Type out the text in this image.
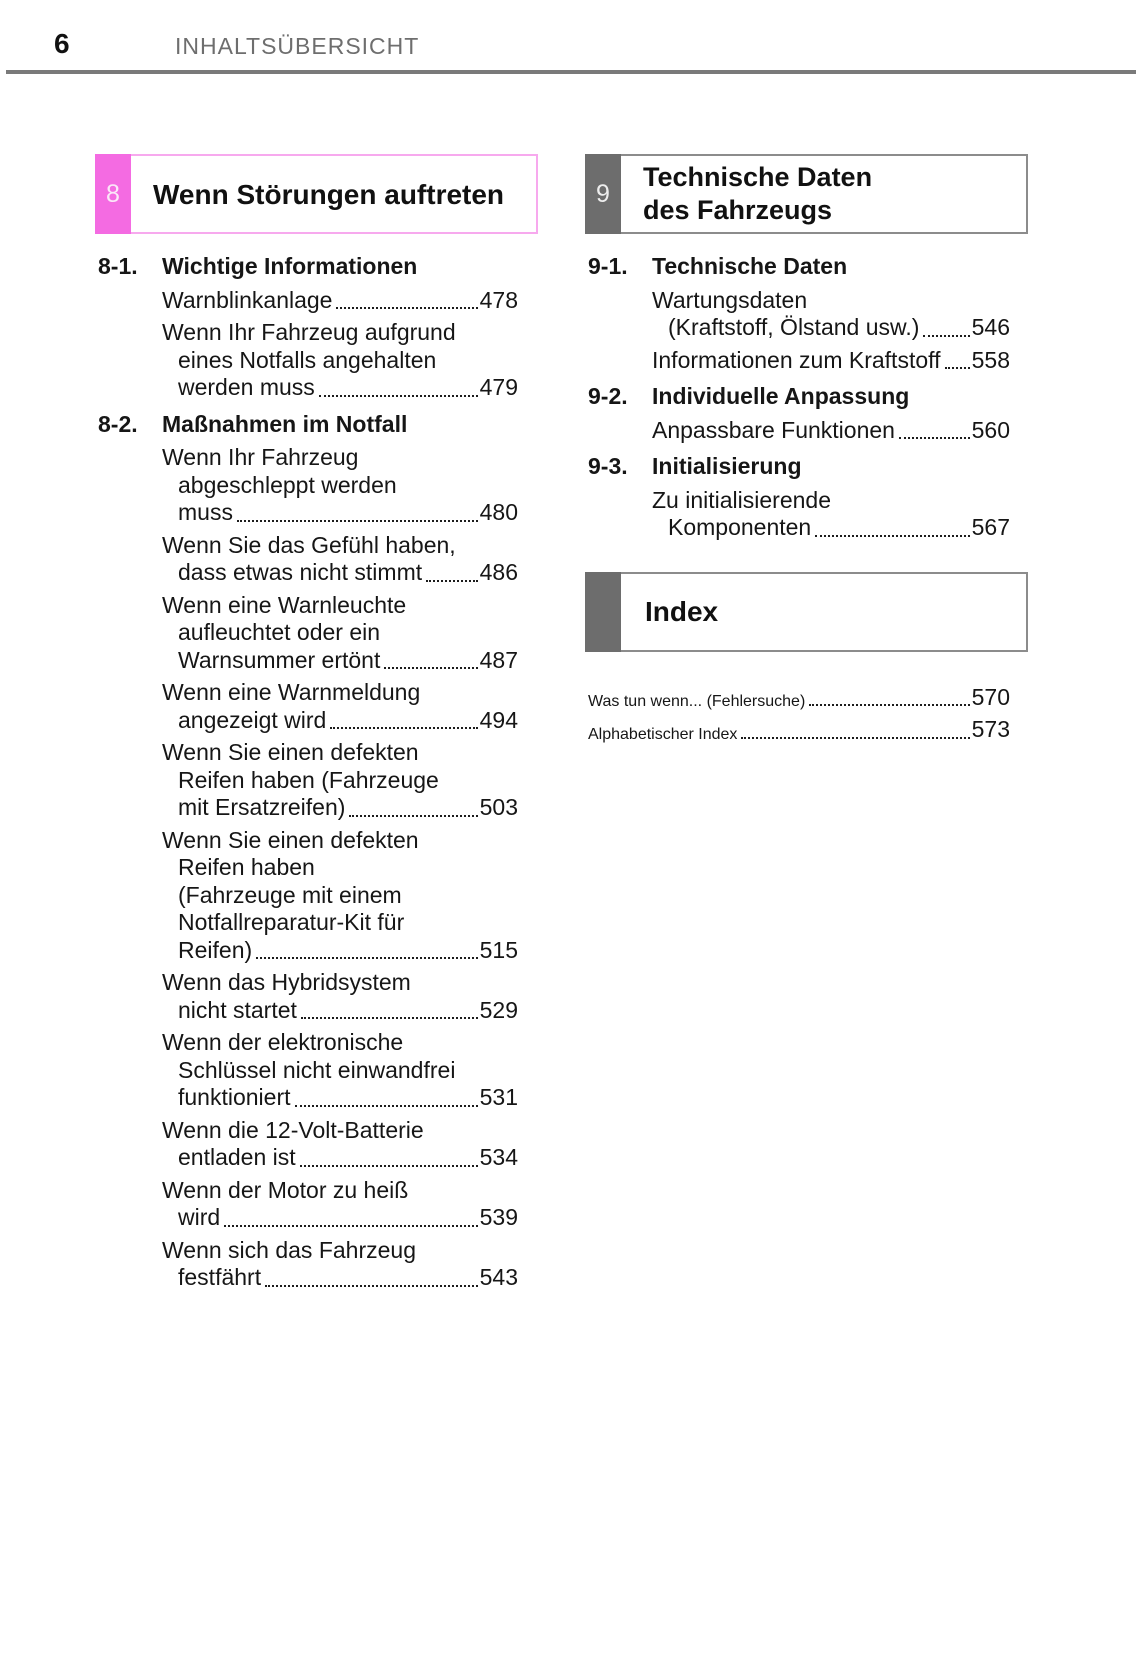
6	INHALTSÜBERSICHT
8	Wenn Störungen auftreten
8-1.	Wichtige Informationen
Warnblinkanlage	478
Wenn Ihr Fahrzeug aufgrund
eines Notfalls angehalten
werden muss	479
8-2.	Maßnahmen im Notfall
Wenn Ihr Fahrzeug
abgeschleppt werden
muss	480
Wenn Sie das Gefühl haben,
dass etwas nicht stimmt 486
Wenn eine Warnleuchte
aufleuchtet oder ein
Warnsummer ertönt	487
Wenn eine Warnmeldung
angezeigt wird	494
Wenn Sie einen defekten
Reifen haben (Fahrzeuge
mit Ersatzreifen)	503
Wenn Sie einen defekten
Reifen haben
(Fahrzeuge mit einem
Notfallreparatur-Kit für
Reifen)	515
Wenn das Hybridsystem
nicht startet	529
Wenn der elektronische
Schlüssel nicht einwandfrei
funktioniert	531
Wenn die 12-Volt-Batterie
entladen ist	534
Wenn der Motor zu heiß
wird	539
Wenn sich das Fahrzeug
festfährt	543
9
Technische Daten
des Fahrzeugs
9-1.	Technische Daten
Wartungsdaten
(Kraftstoff, Ölstand usw.) 546
Informationen zum Kraftstoff 558
9-2.	Individuelle Anpassung
Anpassbare Funktionen	560
9-3.	Initialisierung
Zu initialisierende
Komponenten	567
Index
Was tun wenn... (Fehlersuche)	570
Alphabetischer Index	573
